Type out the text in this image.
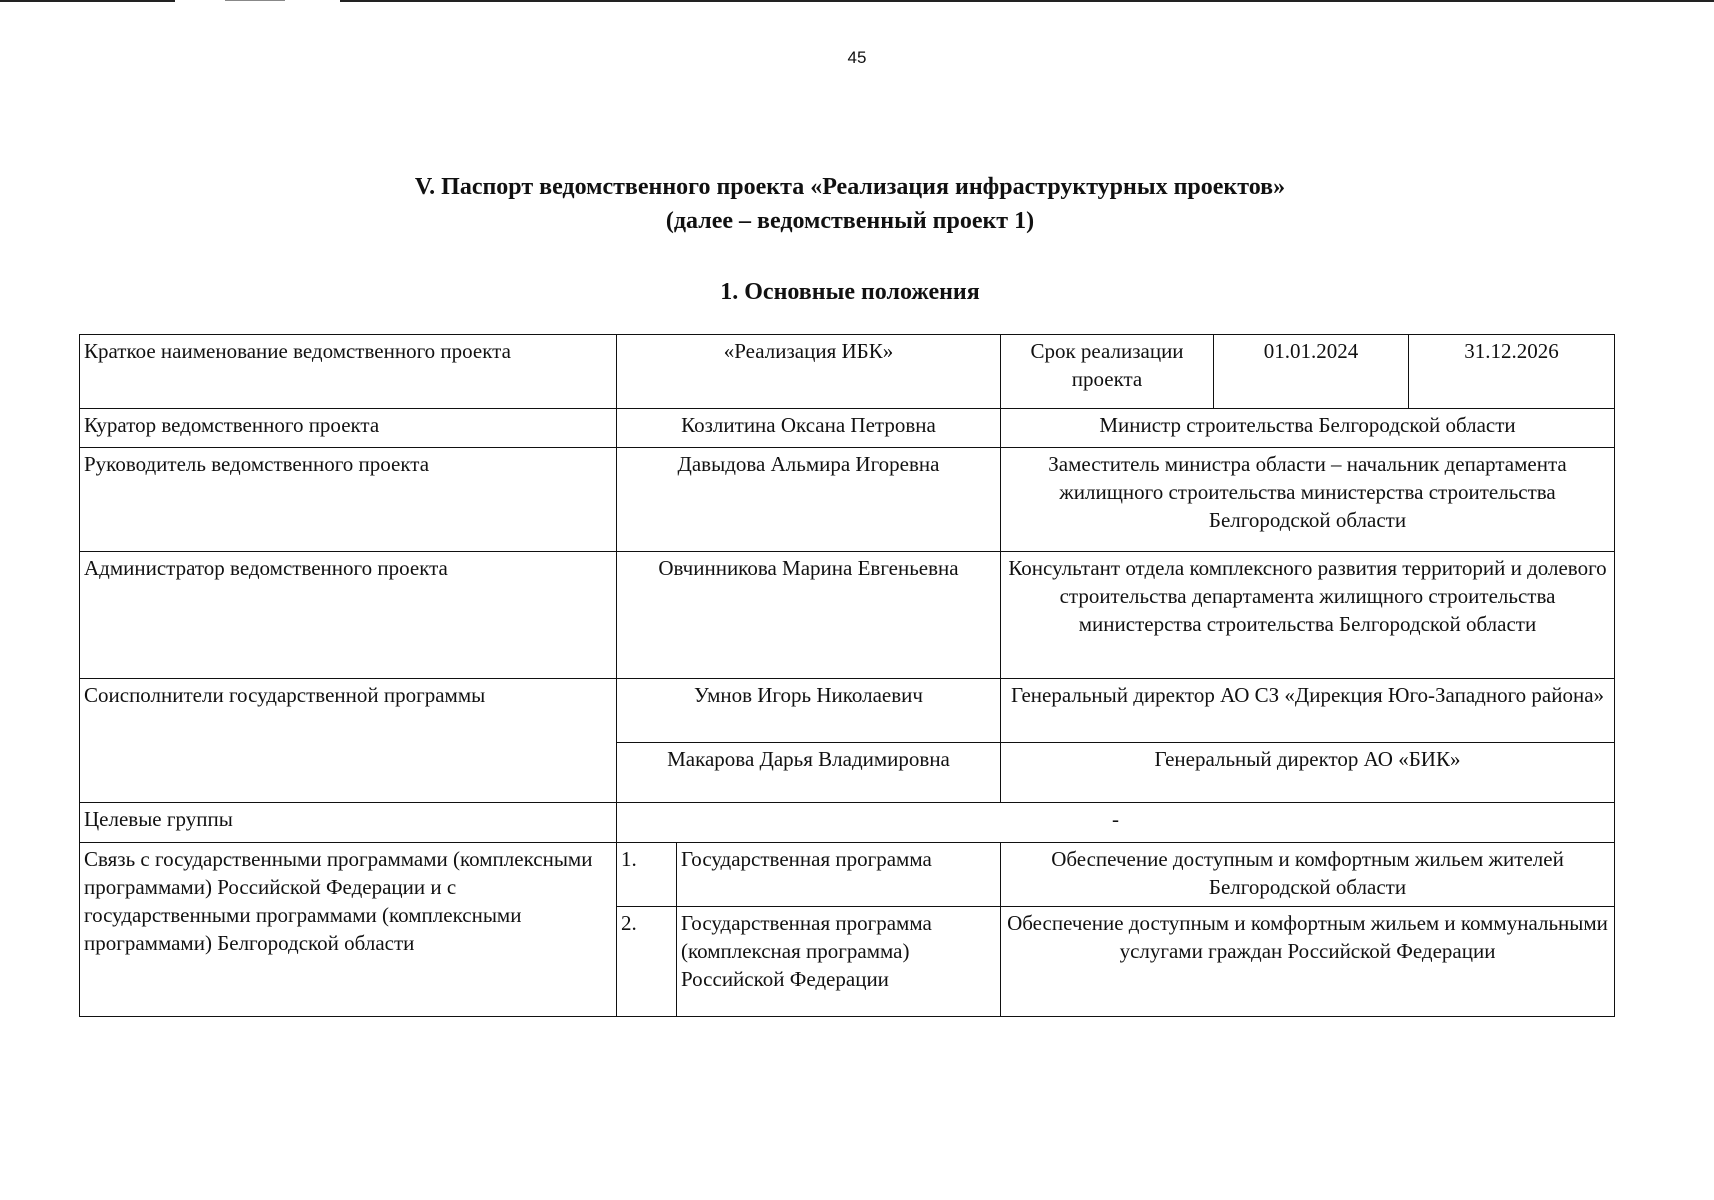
45
V. Паспорт ведомственного проекта «Реализация инфраструктурных проектов»
(далее – ведомственный проект 1)
1. Основные положения
Краткое наименование ведомственного проекта	«Реализация ИБК»		Срок реализации проекта	01.01.2024	31.12.2026
Куратор ведомственного проекта	Козлитина Оксана Петровна		Министр строительства Белгородской области		
Руководитель ведомственного проекта	Давыдова Альмира Игоревна		Заместитель министра области – начальник департамента жилищного строительства министерства строительства Белгородской области		
Администратор ведомственного проекта	Овчинникова Марина Евгеньевна		Консультант отдела комплексного развития территорий и долевого строительства департамента жилищного строительства министерства строительства Белгородской области		
Соисполнители государственной программы	Умнов Игорь Николаевич		Генеральный директор АО СЗ «Дирекция Юго-Западного района»		
	Макарова Дарья Владимировна		Генеральный директор АО «БИК»		
Целевые группы	-				
Связь с государственными программами (комплексными программами) Российской Федерации и с государственными программами (комплексными программами) Белгородской области	1.	Государственная программа	Обеспечение доступным и комфортным жильем жителей Белгородской области		
	2.	Государственная программа (комплексная программа) Российской Федерации	Обеспечение доступным и комфортным жильем и коммунальными услугами граждан Российской Федерации		
